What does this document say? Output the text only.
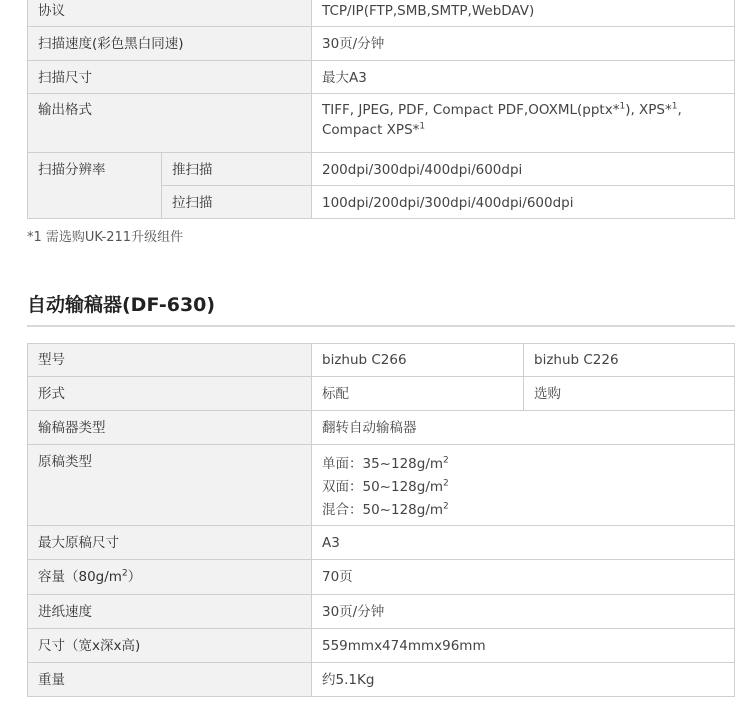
协议		TCP/IP(FTP,SMB,SMTP,WebDAV)
扫描速度(彩色黑白同速)		30页/分钟
扫描尺寸		最大A3
输出格式		TIFF, JPEG, PDF, Compact PDF,OOXML(pptx*$^1$), XPS*$^1$,
Compact XPS*$^1$
扫描分辨率	推扫描	200dpi/300dpi/400dpi/600dpi
	拉扫描	100dpi/200dpi/300dpi/400dpi/600dpi
*1 需选购UK-211升级组件
自动输稿器(DF-630)
型号	bizhub C266	bizhub C226
形式	标配	选购
输稿器类型	翻转自动输稿器	
原稿类型	单面：$35\sim 128g/m^2$
双面：$50\sim 128g/m^2$
混合：$50\sim 128g/m^2$

最大原稿尺寸	A3	
容量$(80g/m^2)$	70页	
进纸速度	30页/分钟	
尺寸（宽x深x高)	559mmx474mmx96mm	
重量	约5.1Kg	
